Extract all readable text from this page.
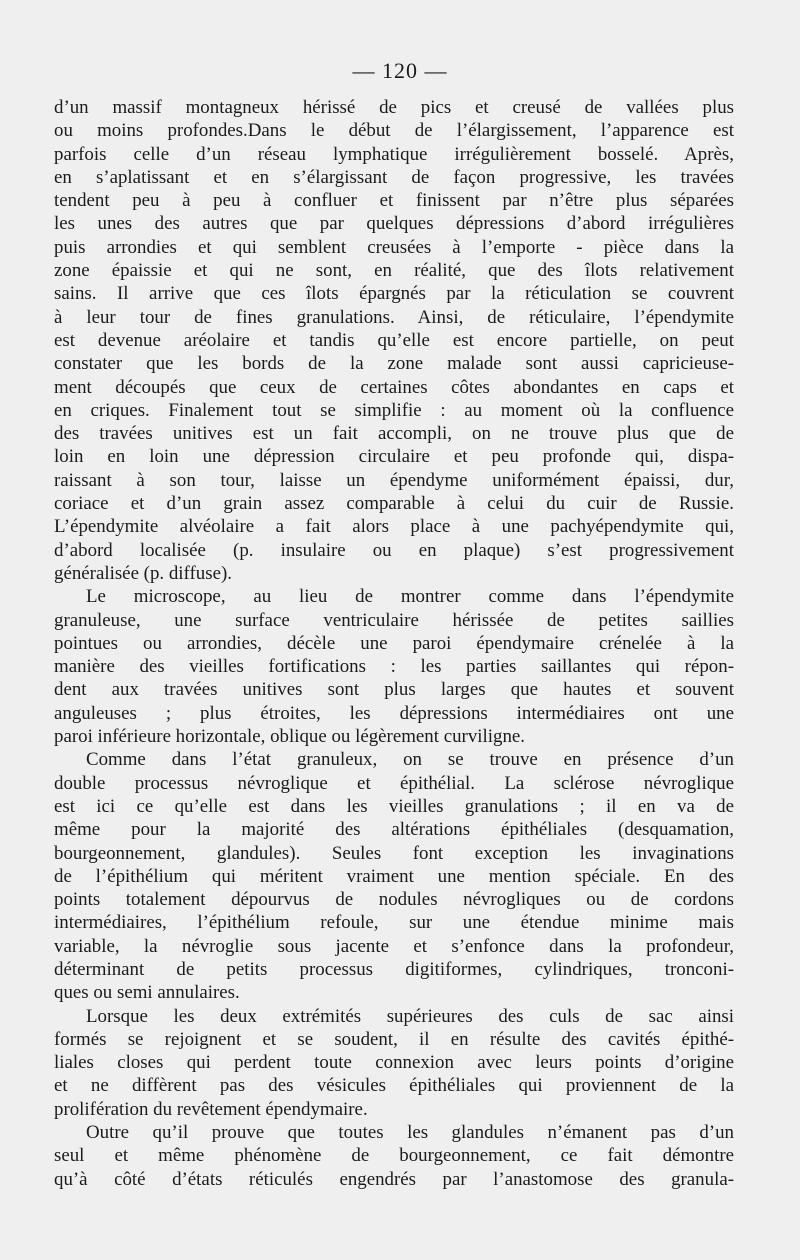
— 120 —
d’un massif montagneux hérissé de pics et creusé de vallées plus
ou moins profondes.Dans le début de l’élargissement, l’apparence est
parfois celle d’un réseau lymphatique irrégulièrement bosselé. Après,
en s’aplatissant et en s’élargissant de façon progressive, les travées
tendent peu à peu à confluer et finissent par n’être plus séparées
les unes des autres que par quelques dépressions d’abord irrégulières
puis arrondies et qui semblent creusées à l’emporte - pièce dans la
zone épaissie et qui ne sont, en réalité, que des îlots relativement
sains. Il arrive que ces îlots épargnés par la réticulation se couvrent
à leur tour de fines granulations. Ainsi, de réticulaire, l’épendymite
est devenue aréolaire et tandis qu’elle est encore partielle, on peut
constater que les bords de la zone malade sont aussi capricieuse-
ment découpés que ceux de certaines côtes abondantes en caps et
en criques. Finalement tout se simplifie : au moment où la confluence
des travées unitives est un fait accompli, on ne trouve plus que de
loin en loin une dépression circulaire et peu profonde qui, dispa-
raissant à son tour, laisse un épendyme uniformément épaissi, dur,
coriace et d’un grain assez comparable à celui du cuir de Russie.
L’épendymite alvéolaire a fait alors place à une pachyépendymite qui,
d’abord localisée (p. insulaire ou en plaque) s’est progressivement
généralisée (p. diffuse).
Le microscope, au lieu de montrer comme dans l’épendymite
granuleuse, une surface ventriculaire hérissée de petites saillies
pointues ou arrondies, décèle une paroi épendymaire crénelée à la
manière des vieilles fortifications : les parties saillantes qui répon-
dent aux travées unitives sont plus larges que hautes et souvent
anguleuses ; plus étroites, les dépressions intermédiaires ont une
paroi inférieure horizontale, oblique ou légèrement curviligne.
Comme dans l’état granuleux, on se trouve en présence d’un
double processus névroglique et épithélial. La sclérose névroglique
est ici ce qu’elle est dans les vieilles granulations ; il en va de
même pour la majorité des altérations épithéliales (desquamation,
bourgeonnement, glandules). Seules font exception les invaginations
de l’épithélium qui méritent vraiment une mention spéciale. En des
points totalement dépourvus de nodules névrogliques ou de cordons
intermédiaires, l’épithélium refoule, sur une étendue minime mais
variable, la névroglie sous jacente et s’enfonce dans la profondeur,
déterminant de petits processus digitiformes, cylindriques, tronconi-
ques ou semi annulaires.
Lorsque les deux extrémités supérieures des culs de sac ainsi
formés se rejoignent et se soudent, il en résulte des cavités épithé-
liales closes qui perdent toute connexion avec leurs points d’origine
et ne diffèrent pas des vésicules épithéliales qui proviennent de la
prolifération du revêtement épendymaire.
Outre qu’il prouve que toutes les glandules n’émanent pas d’un
seul et même phénomène de bourgeonnement, ce fait démontre
qu’à côté d’états réticulés engendrés par l’anastomose des granula-
